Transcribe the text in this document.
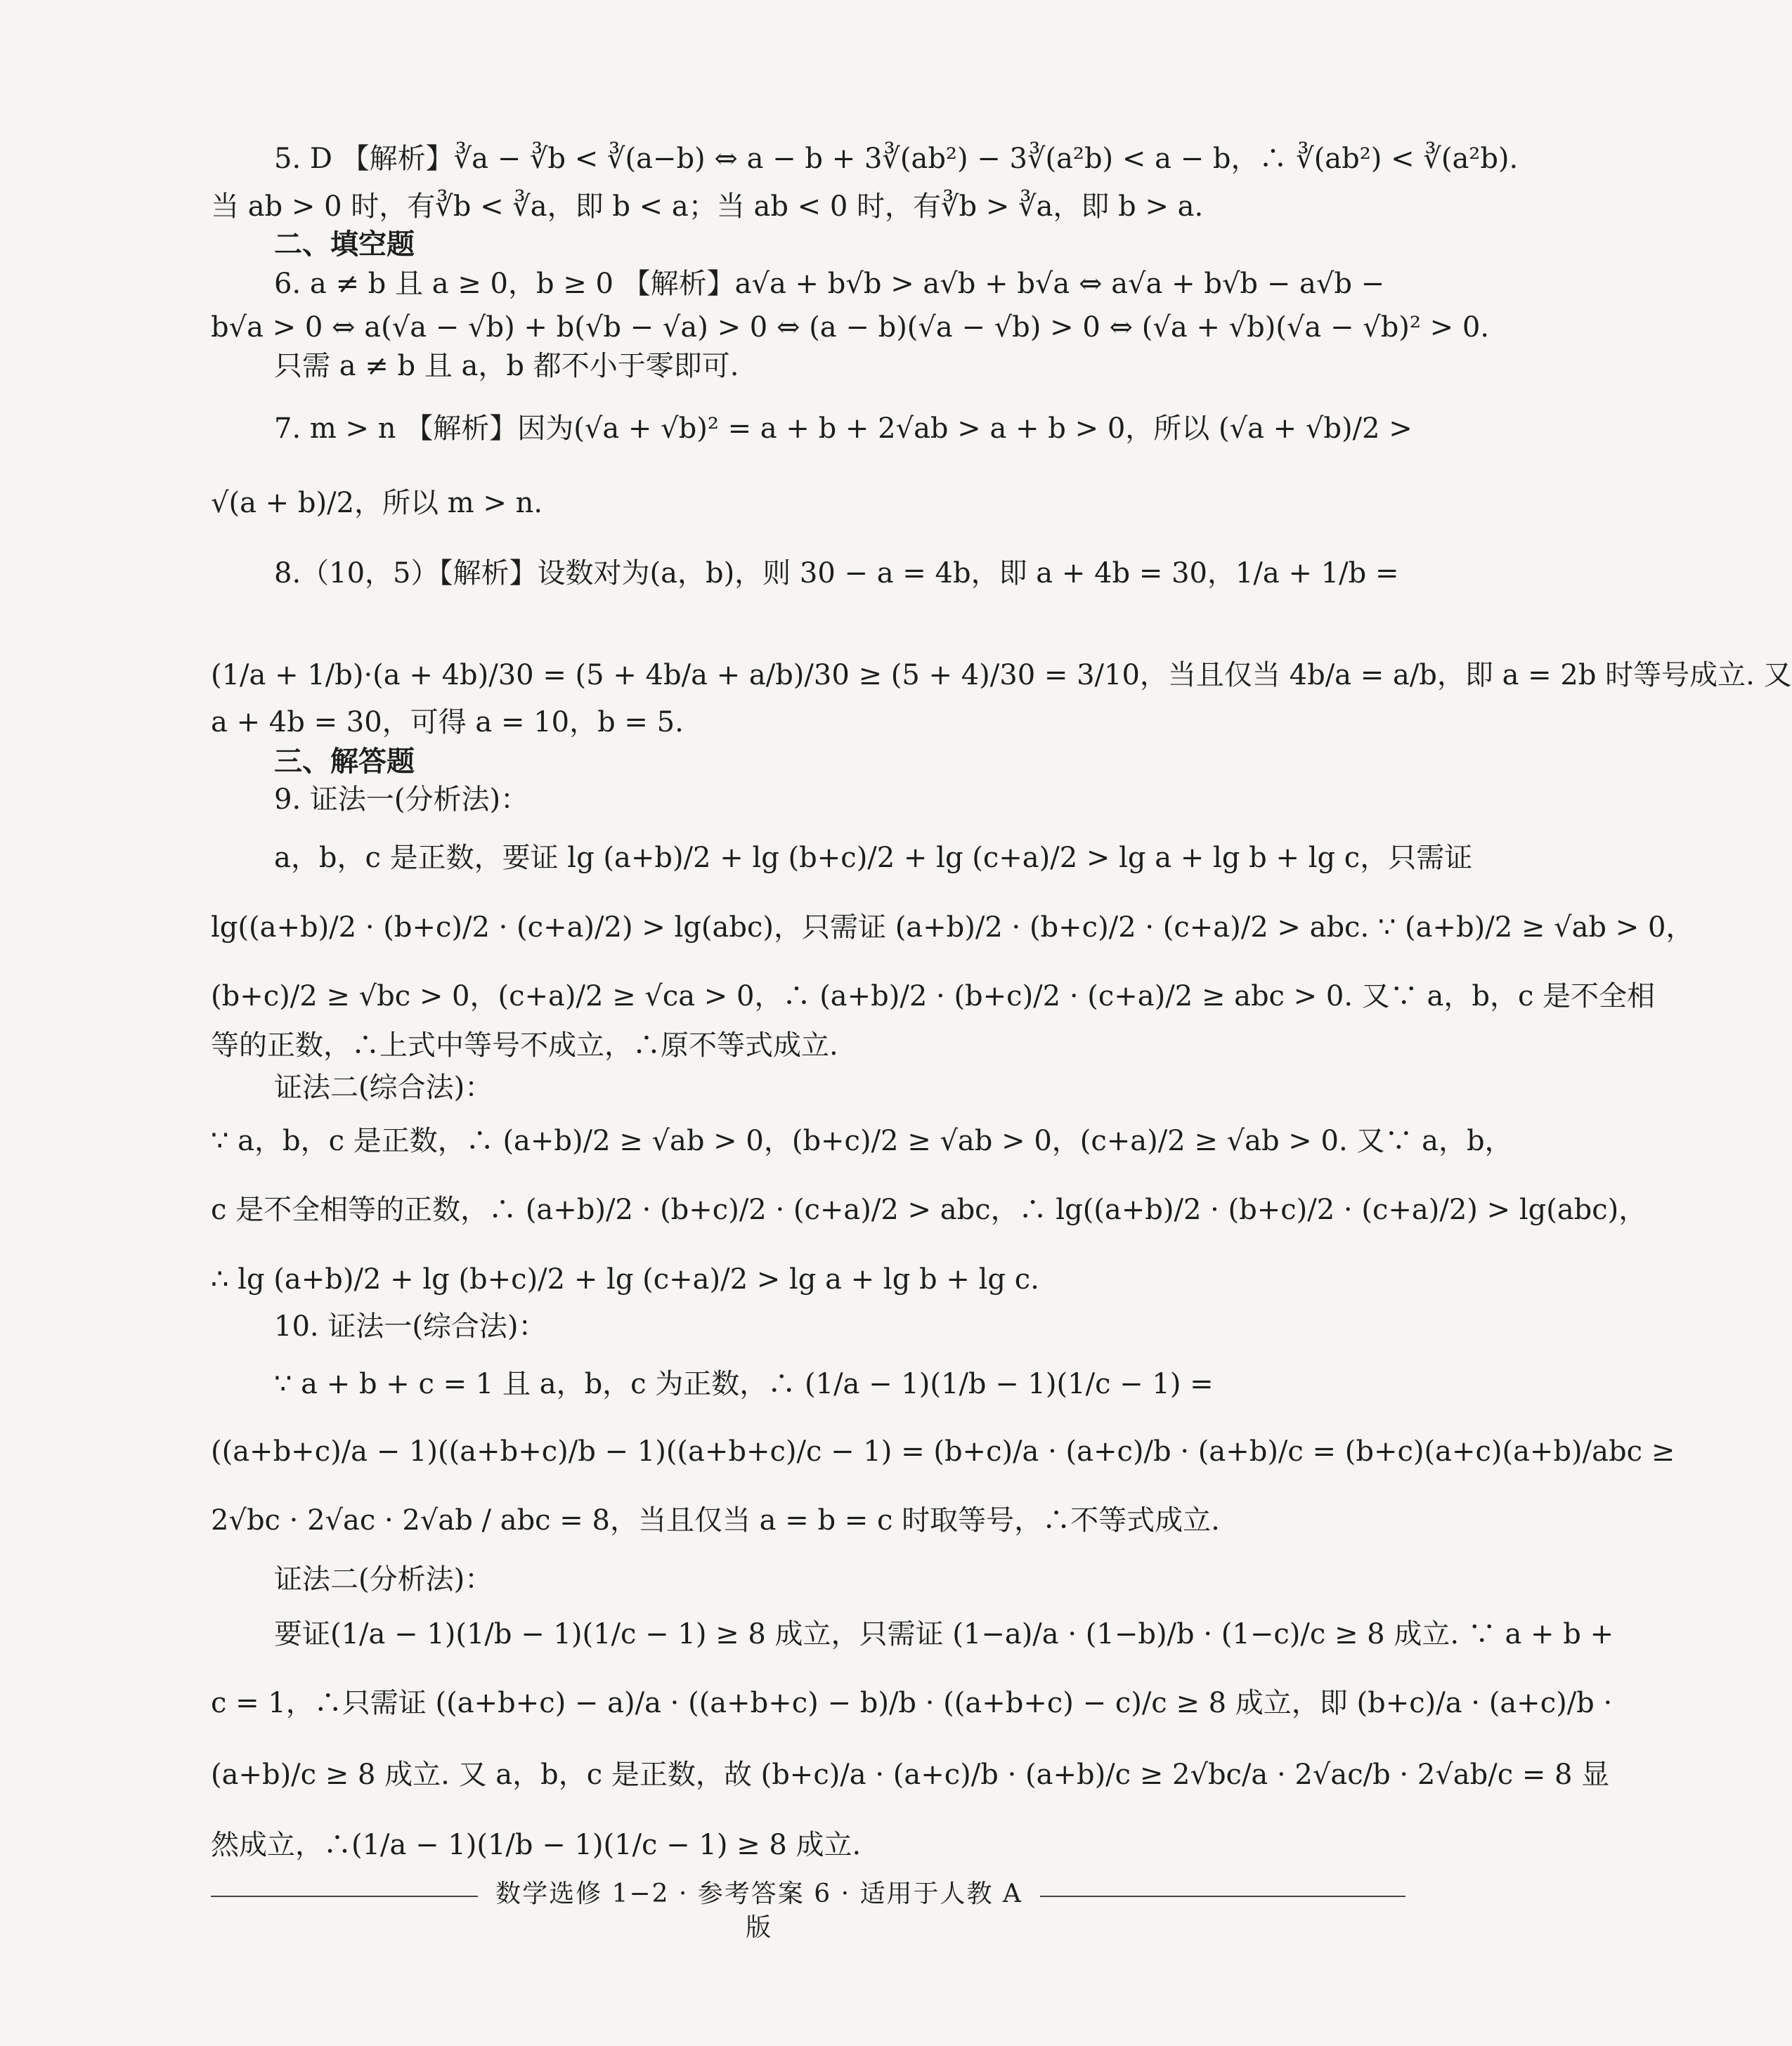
5. D 【解析】∛a − ∛b < ∛(a−b) ⇔ a − b + 3∛(ab²) − 3∛(a²b) < a − b，∴ ∛(ab²) < ∛(a²b).
当 ab > 0 时，有∛b < ∛a，即 b < a；当 ab < 0 时，有∛b > ∛a，即 b > a.
二、填空题
6. a ≠ b 且 a ≥ 0，b ≥ 0 【解析】a√a + b√b > a√b + b√a ⇔ a√a + b√b − a√b −
b√a > 0 ⇔ a(√a − √b) + b(√b − √a) > 0 ⇔ (a − b)(√a − √b) > 0 ⇔ (√a + √b)(√a − √b)² > 0.
只需 a ≠ b 且 a，b 都不小于零即可.
7. m > n 【解析】因为(√a + √b)² = a + b + 2√ab > a + b > 0，所以 (√a + √b)/2 >
√(a + b)/2，所以 m > n.
8.（10，5）【解析】设数对为(a，b)，则 30 − a = 4b，即 a + 4b = 30，1/a + 1/b =
(1/a + 1/b)·(a + 4b)/30 = (5 + 4b/a + a/b)/30 ≥ (5 + 4)/30 = 3/10，当且仅当 4b/a = a/b，即 a = 2b 时等号成立. 又
a + 4b = 30，可得 a = 10，b = 5.
三、解答题
9. 证法一(分析法)：
a，b，c 是正数，要证 lg (a+b)/2 + lg (b+c)/2 + lg (c+a)/2 > lg a + lg b + lg c，只需证
lg((a+b)/2 · (b+c)/2 · (c+a)/2) > lg(abc)，只需证 (a+b)/2 · (b+c)/2 · (c+a)/2 > abc. ∵ (a+b)/2 ≥ √ab > 0，
(b+c)/2 ≥ √bc > 0，(c+a)/2 ≥ √ca > 0，∴ (a+b)/2 · (b+c)/2 · (c+a)/2 ≥ abc > 0. 又∵ a，b，c 是不全相
等的正数，∴上式中等号不成立，∴原不等式成立.
证法二(综合法)：
∵ a，b，c 是正数，∴ (a+b)/2 ≥ √ab > 0，(b+c)/2 ≥ √ab > 0，(c+a)/2 ≥ √ab > 0. 又∵ a，b，
c 是不全相等的正数，∴ (a+b)/2 · (b+c)/2 · (c+a)/2 > abc，∴ lg((a+b)/2 · (b+c)/2 · (c+a)/2) > lg(abc)，
∴ lg (a+b)/2 + lg (b+c)/2 + lg (c+a)/2 > lg a + lg b + lg c.
10. 证法一(综合法)：
∵ a + b + c = 1 且 a，b，c 为正数，∴ (1/a − 1)(1/b − 1)(1/c − 1) =
((a+b+c)/a − 1)((a+b+c)/b − 1)((a+b+c)/c − 1) = (b+c)/a · (a+c)/b · (a+b)/c = (b+c)(a+c)(a+b)/abc ≥
2√bc · 2√ac · 2√ab / abc = 8，当且仅当 a = b = c 时取等号，∴不等式成立.
证法二(分析法)：
要证(1/a − 1)(1/b − 1)(1/c − 1) ≥ 8 成立，只需证 (1−a)/a · (1−b)/b · (1−c)/c ≥ 8 成立. ∵ a + b +
c = 1，∴只需证 ((a+b+c) − a)/a · ((a+b+c) − b)/b · ((a+b+c) − c)/c ≥ 8 成立，即 (b+c)/a · (a+c)/b ·
(a+b)/c ≥ 8 成立. 又 a，b，c 是正数，故 (b+c)/a · (a+c)/b · (a+b)/c ≥ 2√bc/a · 2√ac/b · 2√ab/c = 8 显
然成立，∴(1/a − 1)(1/b − 1)(1/c − 1) ≥ 8 成立.
数学选修 1−2 · 参考答案 6 · 适用于人教 A 版
